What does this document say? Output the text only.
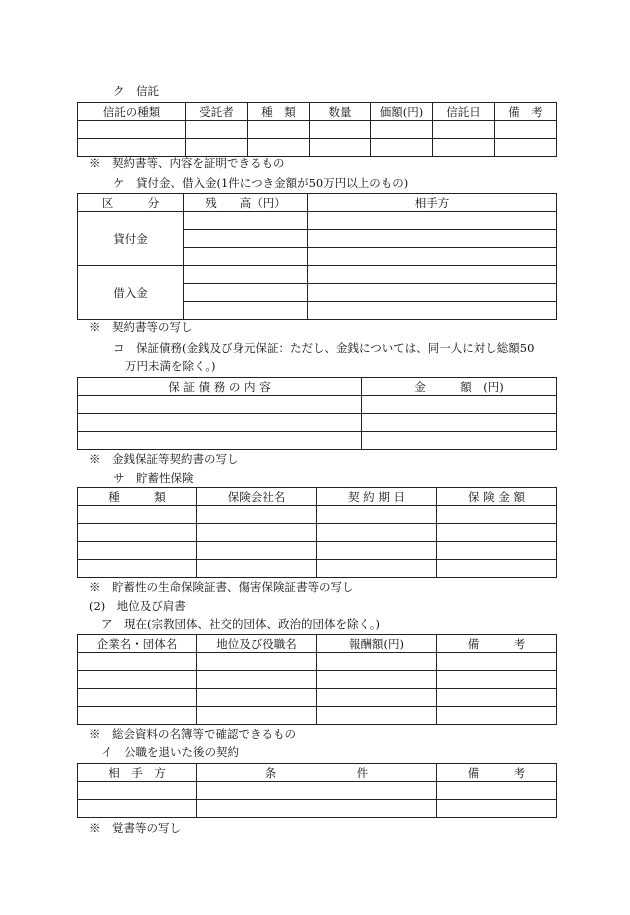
ク　信託
信託の種類	受託者	種　類	数量	価額(円)	信託日	備　考

※　契約書等、内容を証明できるもの
ケ　貸付金、借入金(1件につき金額が50万円以上のもの)
区　　　分	残　　高（円）	相手方
貸付金		

借入金		

※　契約書等の写し
コ　保証債務(金銭及び身元保証：ただし、金銭については、同一人に対し総額50
万円未満を除く。)
保 証 債 務 の 内 容	金　　　額　(円)

※　金銭保証等契約書の写し
サ　貯蓄性保険
種　　　類	保険会社名	契 約 期 日	保 険 金 額

※　貯蓄性の生命保険証書、傷害保険証書等の写し
(2)　地位及び肩書
ア　現在(宗教団体、社交的団体、政治的団体を除く。)
企業名・団体名	地位及び役職名	報酬額(円)	備　　　考

※　総会資料の名簿等で確認できるもの
イ　公職を退いた後の契約
相　手　方	条　　　　　　　件	備　　　考

※　覚書等の写し
